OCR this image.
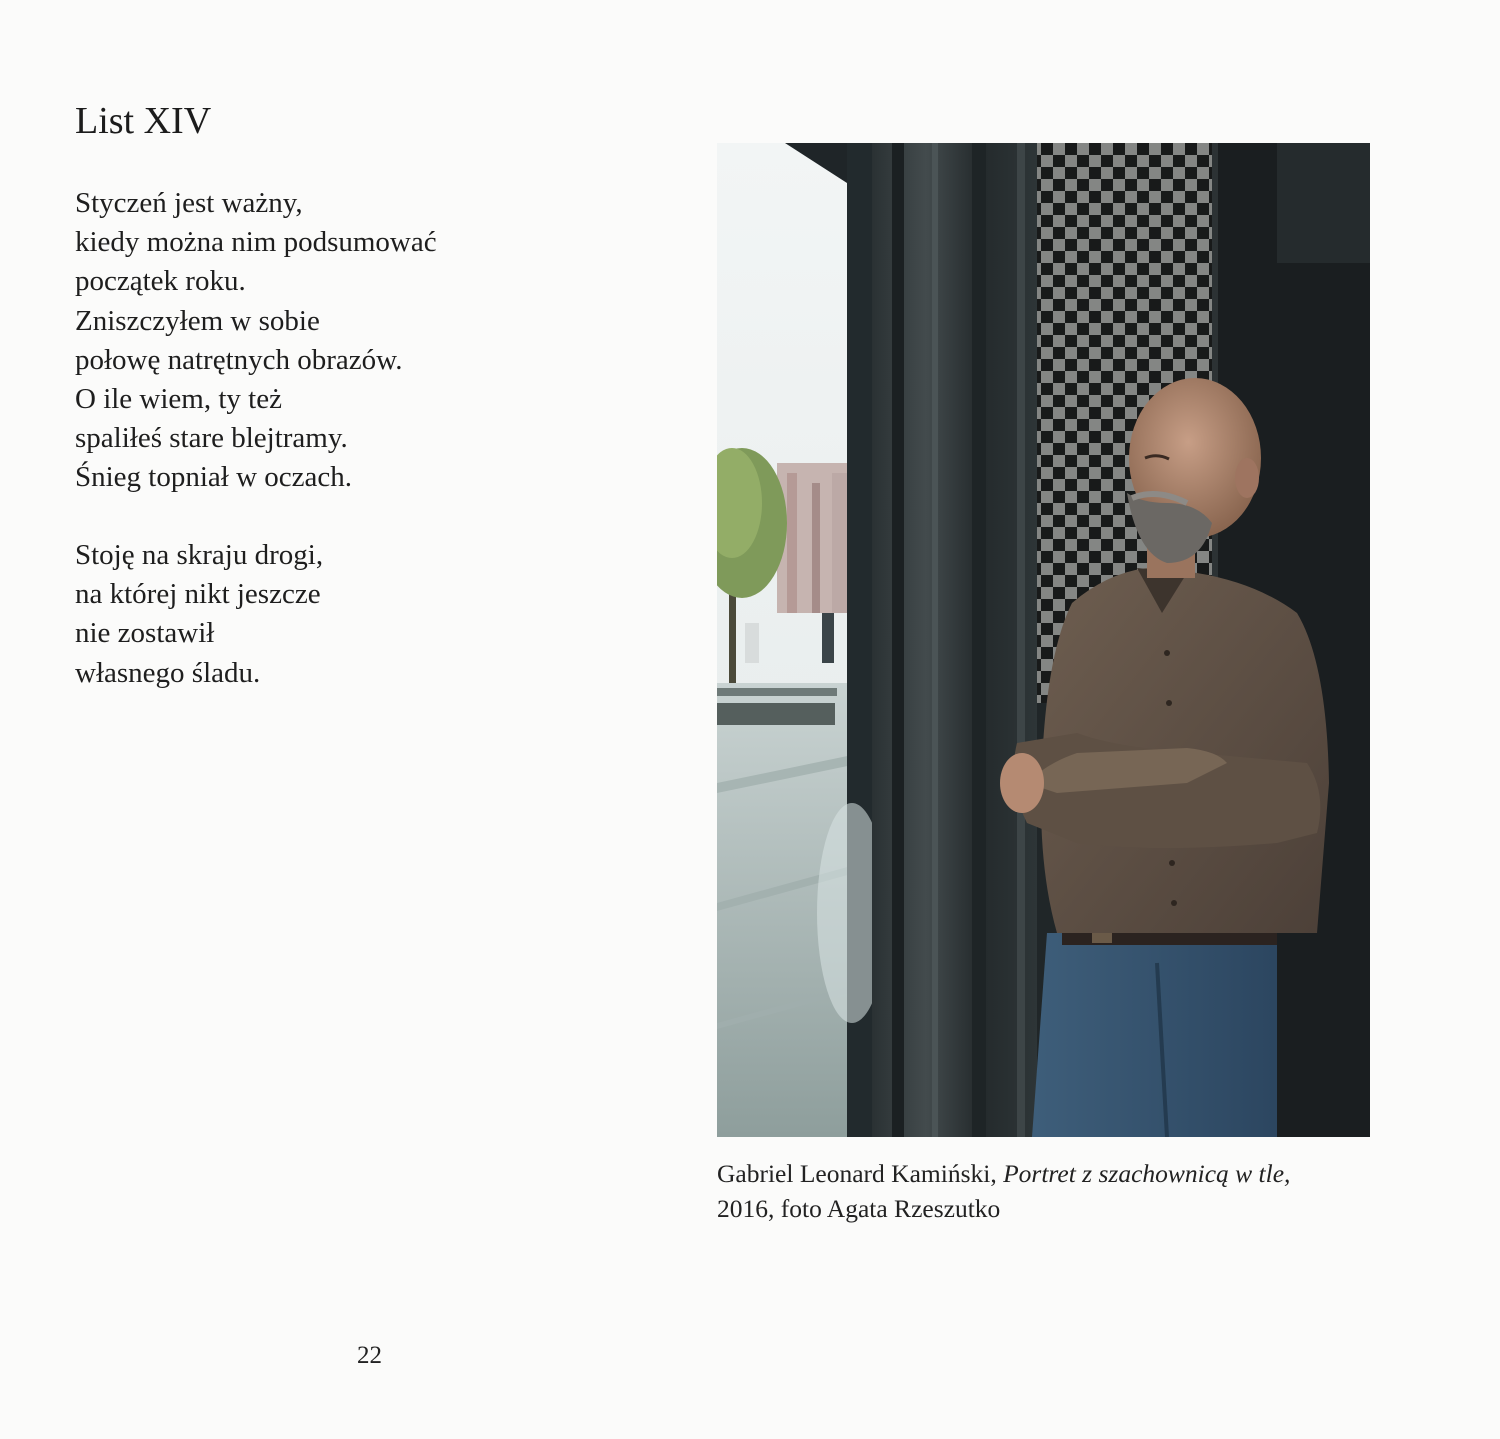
List XIV

Styczeń jest ważny,
kiedy można nim podsumować
początek roku.
Zniszczyłem w sobie
połowę natrętnych obrazów.
O ile wiem, ty też
spaliłeś stare blejtramy.
Śnieg topniał w oczach.

Stoję na skraju drogi,
na której nikt jeszcze
nie zostawił
własnego śladu.

Gabriel Leonard Kamiński, Portret z szachownicą w tle,
2016, foto Agata Rzeszutko

22
